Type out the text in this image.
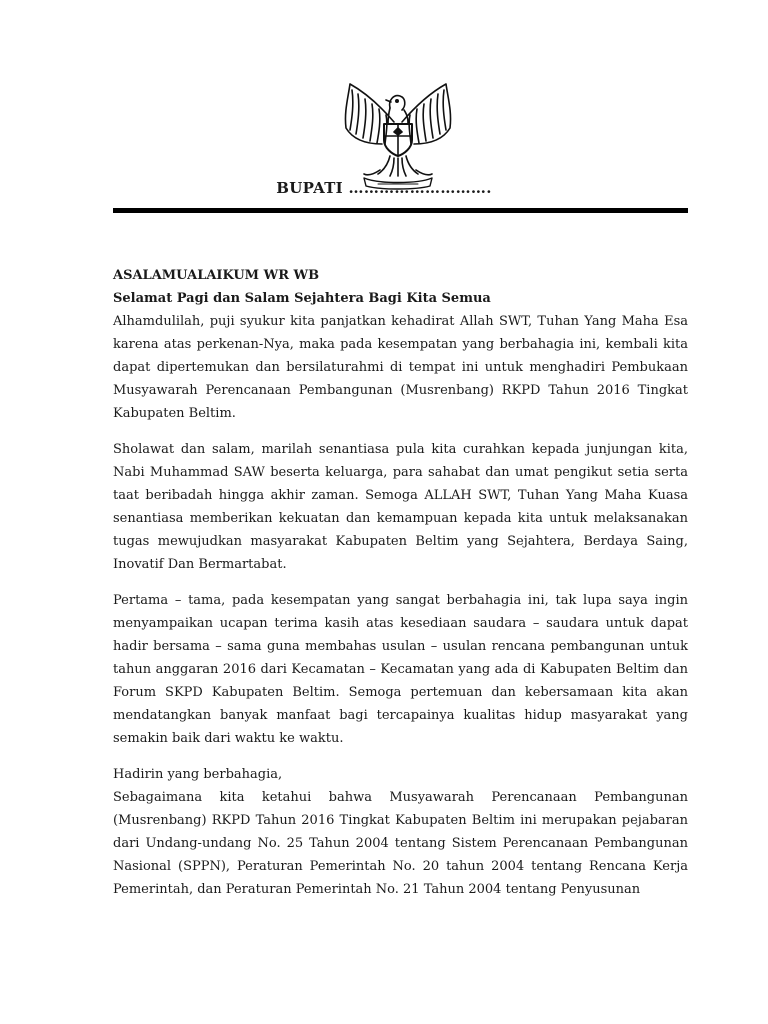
BUPATI ……………………….

ASALAMUALAIKUM WR WB

Selamat Pagi dan Salam Sejahtera Bagi Kita Semua

Alhamdulilah, puji syukur kita panjatkan kehadirat Allah SWT, Tuhan Yang Maha Esa karena atas perkenan-Nya, maka pada kesempatan yang berbahagia ini, kembali kita dapat dipertemukan dan bersilaturahmi di tempat ini untuk menghadiri Pembukaan Musyawarah Perencanaan Pembangunan (Musrenbang) RKPD Tahun 2016 Tingkat Kabupaten Beltim.

Sholawat dan salam, marilah senantiasa pula kita curahkan kepada junjungan kita, Nabi Muhammad SAW beserta keluarga, para sahabat dan umat pengikut setia serta taat beribadah hingga akhir zaman. Semoga ALLAH SWT, Tuhan Yang Maha Kuasa senantiasa memberikan kekuatan dan kemampuan kepada kita untuk melaksanakan tugas mewujudkan masyarakat Kabupaten Beltim yang Sejahtera, Berdaya Saing, Inovatif Dan Bermartabat.

Pertama – tama, pada kesempatan yang sangat berbahagia ini, tak lupa saya ingin menyampaikan ucapan terima kasih atas kesediaan saudara – saudara untuk dapat hadir bersama – sama guna membahas usulan – usulan rencana pembangunan untuk tahun anggaran 2016 dari Kecamatan – Kecamatan yang ada di Kabupaten Beltim dan Forum SKPD Kabupaten Beltim. Semoga pertemuan dan kebersamaan kita akan mendatangkan banyak manfaat bagi tercapainya kualitas hidup masyarakat yang semakin baik dari waktu ke waktu.

Hadirin yang berbahagia,

Sebagaimana kita ketahui bahwa Musyawarah Perencanaan Pembangunan (Musrenbang) RKPD Tahun 2016 Tingkat Kabupaten Beltim ini merupakan pejabaran dari Undang-undang No. 25 Tahun 2004 tentang Sistem Perencanaan Pembangunan Nasional (SPPN), Peraturan Pemerintah No. 20 tahun 2004 tentang Rencana Kerja Pemerintah, dan Peraturan Pemerintah No. 21 Tahun 2004 tentang Penyusunan
